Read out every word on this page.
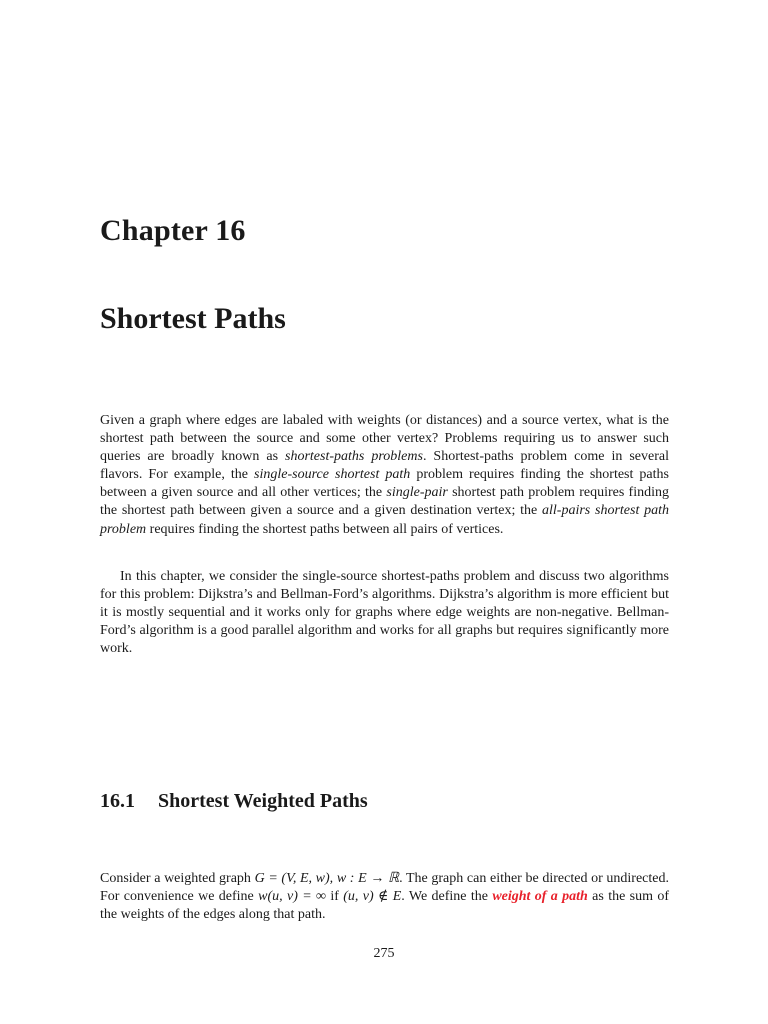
Chapter 16
Shortest Paths

Given a graph where edges are labaled with weights (or distances) and a source vertex, what is the shortest path between the source and some other vertex? Problems requiring us to answer such queries are broadly known as shortest-paths problems. Shortest-paths problem come in several flavors. For example, the single-source shortest path problem requires finding the shortest paths between a given source and all other vertices; the single-pair shortest path problem requires finding the shortest path between given a source and a given destination vertex; the all-pairs shortest path problem requires finding the shortest paths between all pairs of vertices.

In this chapter, we consider the single-source shortest-paths problem and discuss two algorithms for this problem: Dijkstra’s and Bellman-Ford’s algorithms. Dijkstra’s algorithm is more efficient but it is mostly sequential and it works only for graphs where edge weights are non-negative. Bellman-Ford’s algorithm is a good parallel algorithm and works for all graphs but requires significantly more work.

16.1 Shortest Weighted Paths

Consider a weighted graph G = (V, E, w), w : E → ℝ. The graph can either be directed or undirected. For convenience we define w(u, v) = ∞ if (u, v) ∉ E. We define the weight of a path as the sum of the weights of the edges along that path.

275
